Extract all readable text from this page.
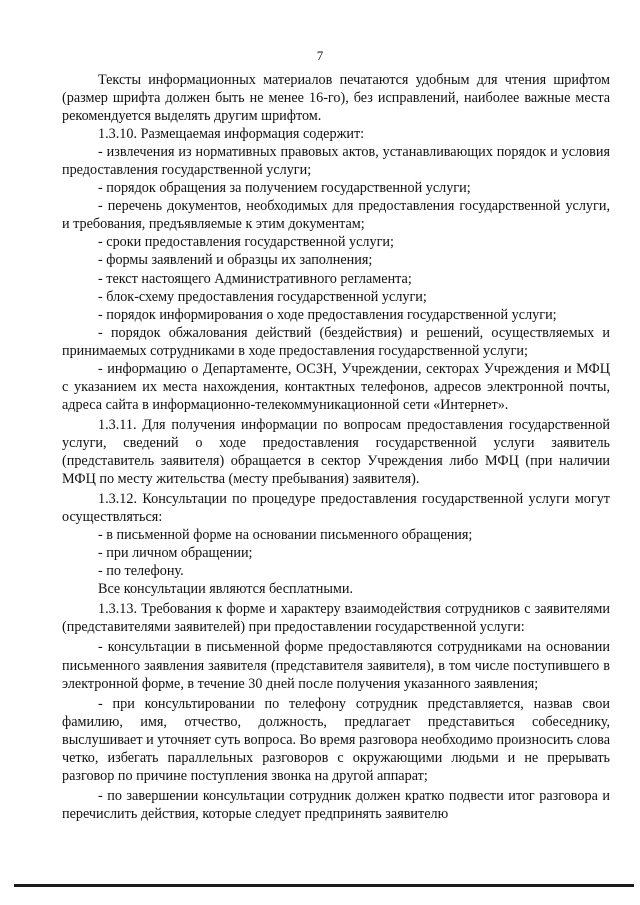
7

Тексты информационных материалов печатаются удобным для чтения шрифтом (размер шрифта должен быть не менее 16-го), без исправлений, наиболее важные места рекомендуется выделять другим шрифтом.

1.3.10. Размещаемая информация содержит:

- извлечения из нормативных правовых актов, устанавливающих порядок и условия предоставления государственной услуги;

- порядок обращения за получением государственной услуги;

- перечень документов, необходимых для предоставления государственной услуги, и требования, предъявляемые к этим документам;

- сроки предоставления государственной услуги;

- формы заявлений и образцы их заполнения;

- текст настоящего Административного регламента;

- блок-схему предоставления государственной услуги;

- порядок информирования о ходе предоставления государственной услуги;

- порядок обжалования действий (бездействия) и решений, осуществляемых и принимаемых сотрудниками в ходе предоставления государственной услуги;

- информацию о Департаменте, ОСЗН, Учреждении, секторах Учреждения и МФЦ с указанием их места нахождения, контактных телефонов, адресов электронной почты, адреса сайта в информационно-телекоммуникационной сети «Интернет».

1.3.11. Для получения информации по вопросам предоставления государственной услуги, сведений о ходе предоставления государственной услуги заявитель (представитель заявителя) обращается в сектор Учреждения либо МФЦ (при наличии МФЦ по месту жительства (месту пребывания) заявителя).

1.3.12. Консультации по процедуре предоставления государственной услуги могут осуществляться:

- в письменной форме на основании письменного обращения;

- при личном обращении;

- по телефону.

Все консультации являются бесплатными.

1.3.13. Требования к форме и характеру взаимодействия сотрудников с заявителями (представителями заявителей) при предоставлении государственной услуги:

- консультации в письменной форме предоставляются сотрудниками на основании письменного заявления заявителя (представителя заявителя), в том числе поступившего в электронной форме, в течение 30 дней после получения указанного заявления;

- при консультировании по телефону сотрудник представляется, назвав свои фамилию, имя, отчество, должность, предлагает представиться собеседнику, выслушивает и уточняет суть вопроса. Во время разговора необходимо произносить слова четко, избегать параллельных разговоров с окружающими людьми и не прерывать разговор по причине поступления звонка на другой аппарат;

- по завершении консультации сотрудник должен кратко подвести итог разговора и перечислить действия, которые следует предпринять заявителю
